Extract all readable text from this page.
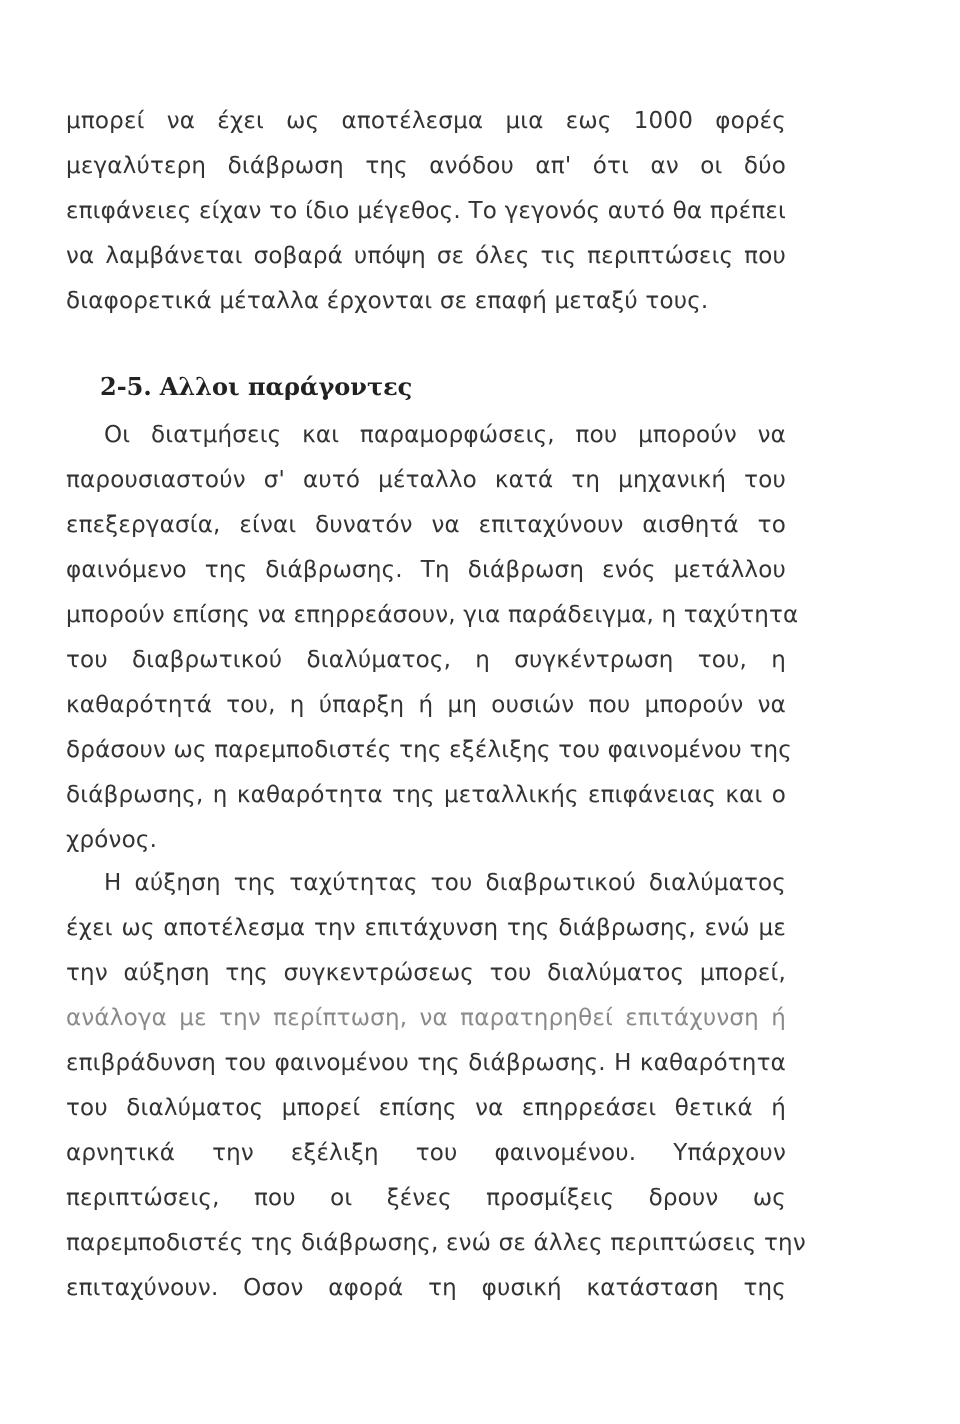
μπορεί να έχει ως αποτέλεσμα μια εως 1000 φορές
μεγαλύτερη διάβρωση της ανόδου απ' ότι αν οι δύο
επιφάνειες είχαν το ίδιο μέγεθος. Το γεγονός αυτό θα πρέπει
να λαμβάνεται σοβαρά υπόψη σε όλες τις περιπτώσεις που
διαφορετικά μέταλλα έρχονται σε επαφή μεταξύ τους.
2-5. Αλλοι παράγοντες
Οι διατμήσεις και παραμορφώσεις, που μπορούν να
παρουσιαστούν σ' αυτό μέταλλο κατά τη μηχανική του
επεξεργασία, είναι δυνατόν να επιταχύνουν αισθητά το
φαινόμενο της διάβρωσης. Τη διάβρωση ενός μετάλλου
μπορούν επίσης να επηρρεάσουν, για παράδειγμα, η ταχύτητα
του διαβρωτικού διαλύματος, η συγκέντρωση του, η
καθαρότητά του, η ύπαρξη ή μη ουσιών που μπορούν να
δράσουν ως παρεμποδιστές της εξέλιξης του φαινομένου της
διάβρωσης, η καθαρότητα της μεταλλικής επιφάνειας και ο
χρόνος.
Η αύξηση της ταχύτητας του διαβρωτικού διαλύματος
έχει ως αποτέλεσμα την επιτάχυνση της διάβρωσης, ενώ με
την αύξηση της συγκεντρώσεως του διαλύματος μπορεί,
ανάλογα με την περίπτωση, να παρατηρηθεί επιτάχυνση ή
επιβράδυνση του φαινομένου της διάβρωσης. Η καθαρότητα
του διαλύματος μπορεί επίσης να επηρρεάσει θετικά ή
αρνητικά την εξέλιξη του φαινομένου. Υπάρχουν
περιπτώσεις, που οι ξένες προσμίξεις δρουν ως
παρεμποδιστές της διάβρωσης, ενώ σε άλλες περιπτώσεις την
επιταχύνουν. Οσον αφορά τη φυσική κατάσταση της
